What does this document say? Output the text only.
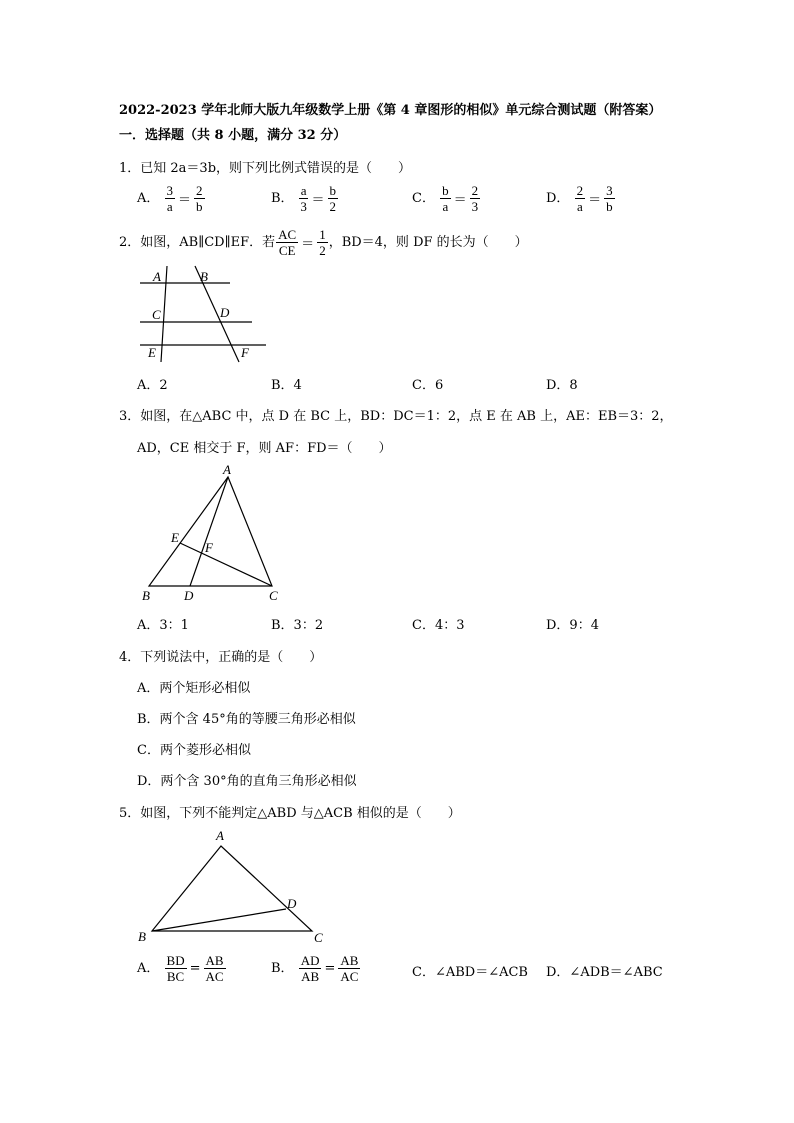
2022-2023 学年北师大版九年级数学上册《第 4 章图形的相似》单元综合测试题（附答案）
一．选择题（共 8 小题，满分 32 分）
1．已知 2a＝3b，则下列比例式错误的是（　　）
A． $\frac{3}{a} = \frac{2}{b}$	B． $\frac{a}{3} = \frac{b}{2}$	C． $\frac{b}{a} = \frac{2}{3}$	D． $\frac{2}{a} = \frac{3}{b}$
2．如图，AB∥CD∥EF．若 $\frac{AC}{CE} = \frac{1}{2}$ ，BD＝4，则 DF 的长为（　　）
A	B
C	D
E	F
A．2	B．4	C．6	D．8
3．如图，在△ABC 中，点 D 在 BC 上，BD：DC＝1：2，点 E 在 AB 上，AE：EB＝3：2，
AD，CE 相交于 F，则 AF：FD＝（　　）
A
B	C
D
E
F
A．3：1	B．3：2	C．4：3	D．9：4
4．下列说法中，正确的是（　　）
A．两个矩形必相似
B．两个含 45°角的等腰三角形必相似
C．两个菱形必相似
D．两个含 30°角的直角三角形必相似
5．如图，下列不能判定△ABD 与△ACB 相似的是（　　）
A
B	C
D
A． $\frac{BD}{BC} = \frac{AB}{AC}$	B． $\frac{AD}{AB} = \frac{AB}{AC}$	C．∠ABD＝∠ACB D．∠ADB＝∠ABC
